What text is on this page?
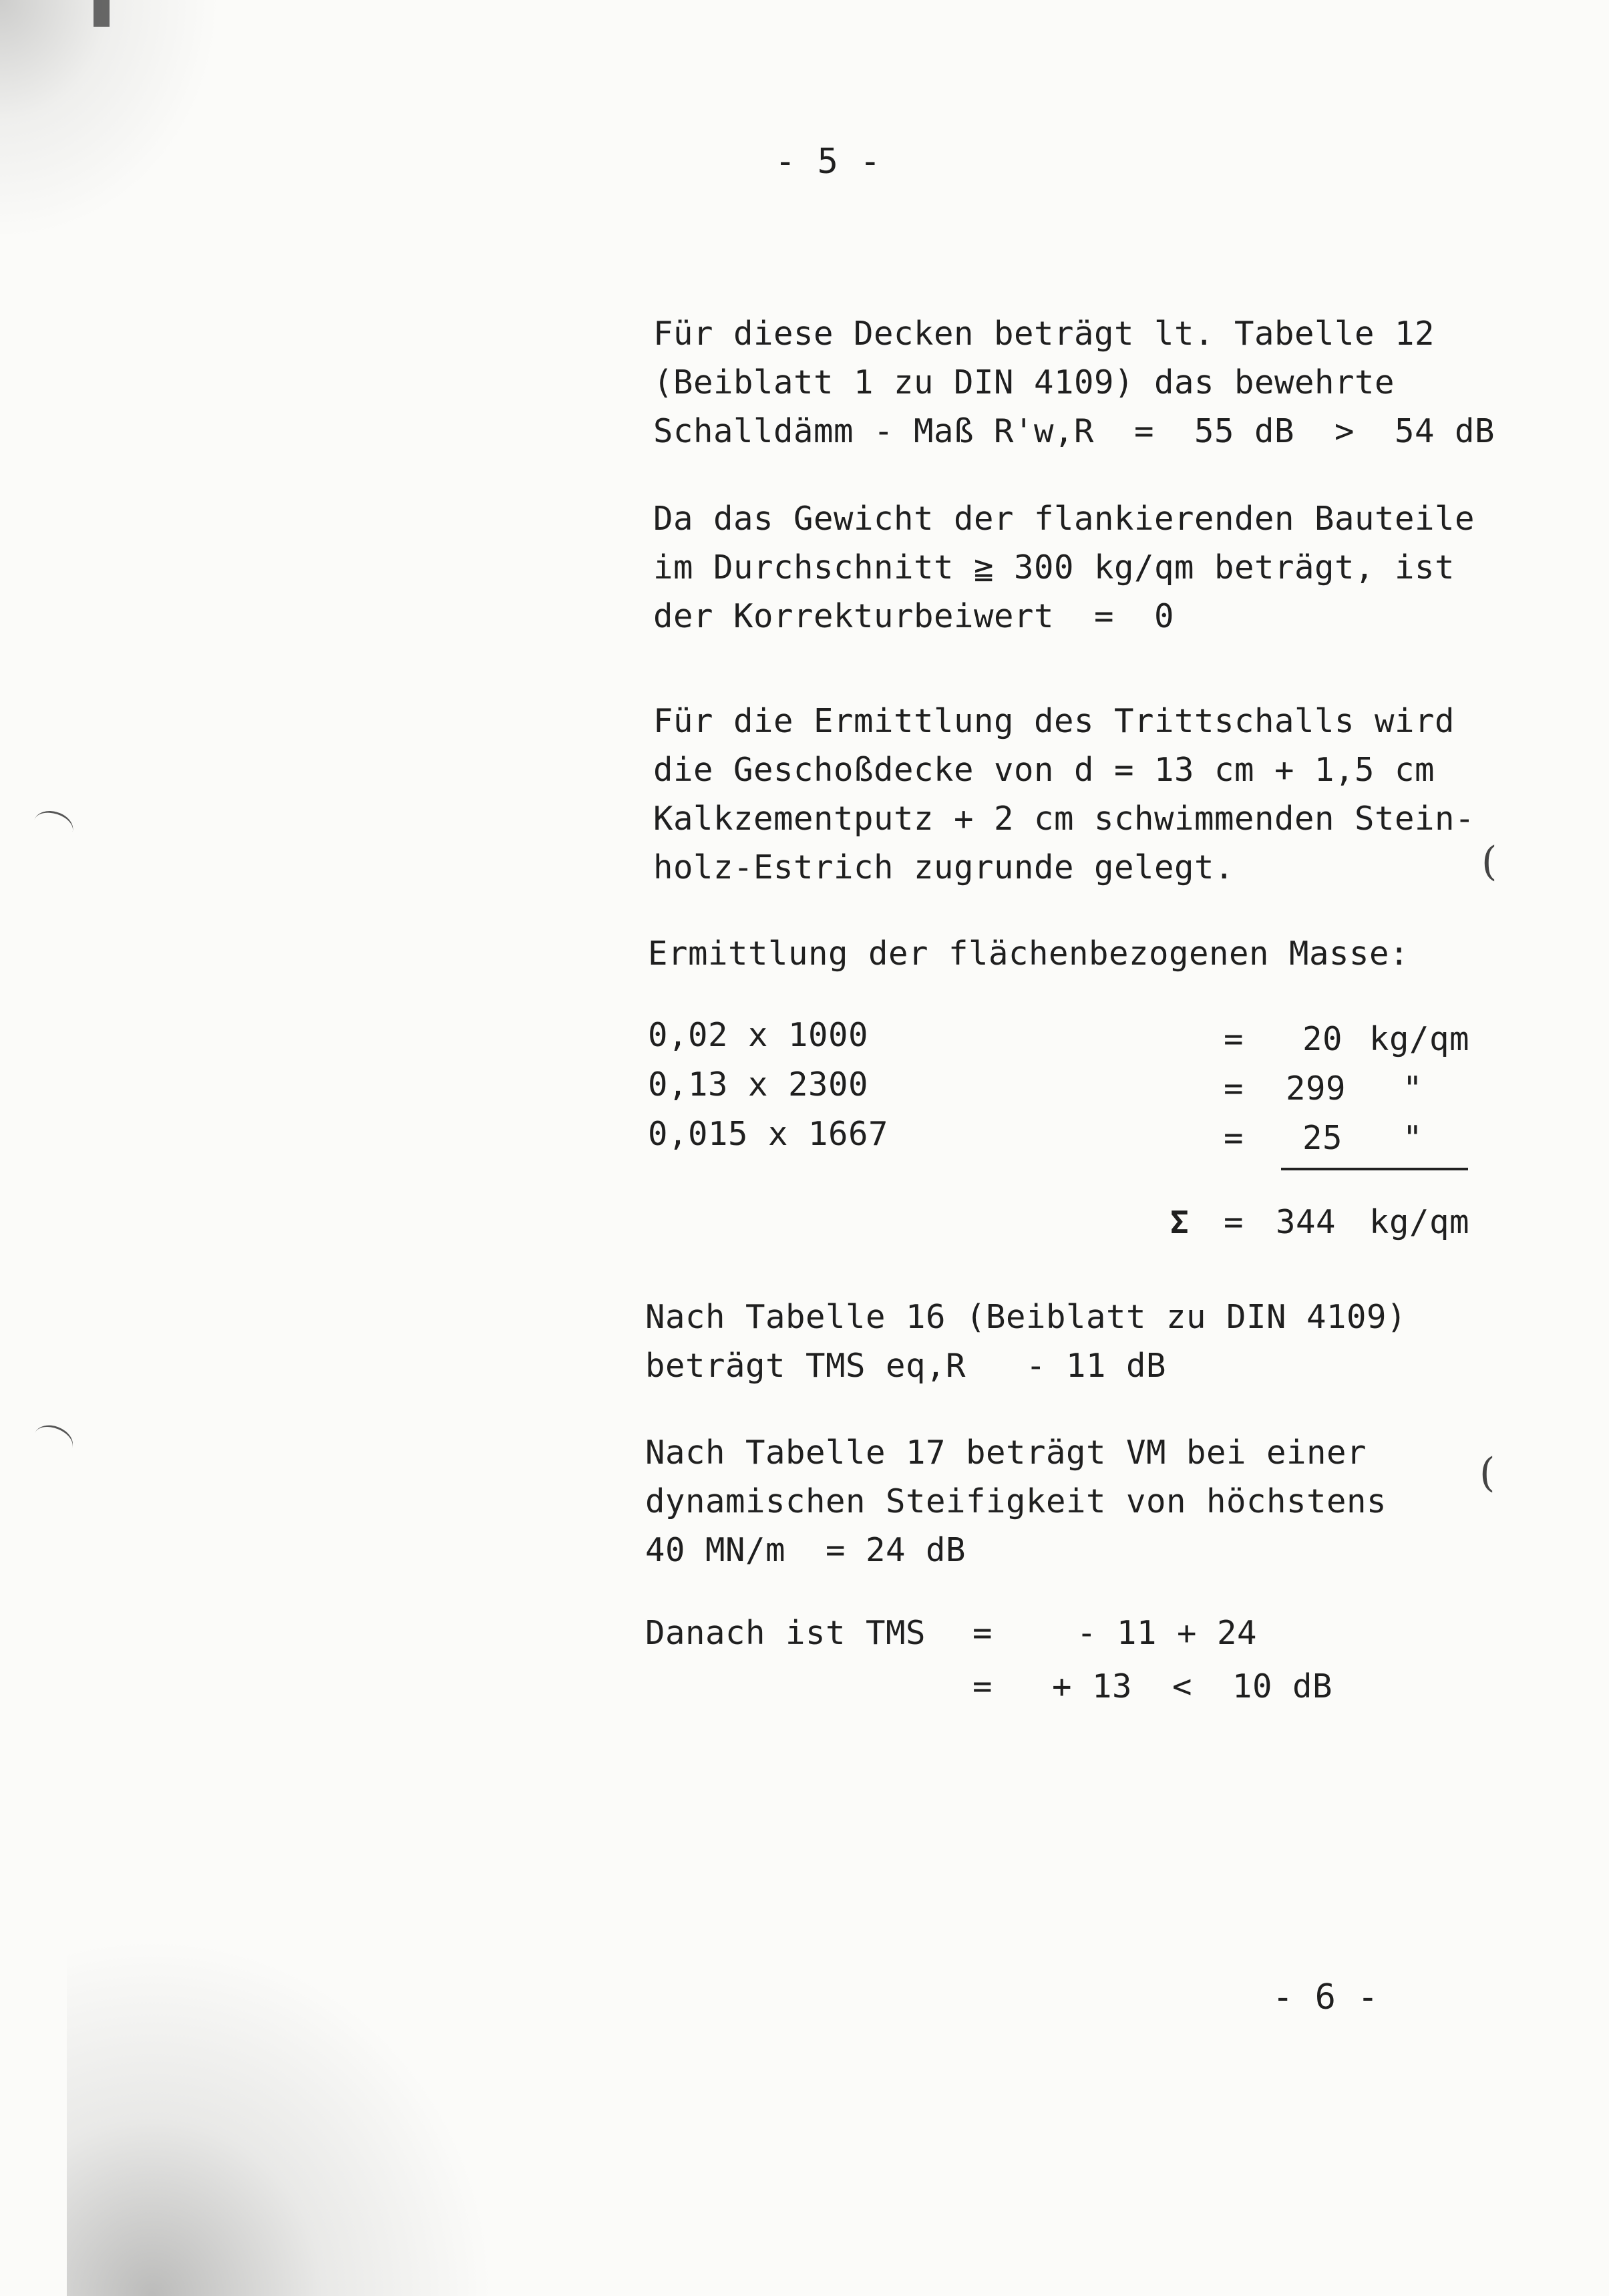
- 5 -
Für diese Decken beträgt lt. Tabelle 12
(Beiblatt 1 zu DIN 4109) das bewehrte
Schalldämm - Maß R'w,R  =  55 dB  >  54 dB
Da das Gewicht der flankierenden Bauteile
im Durchschnitt ≧ 300 kg/qm beträgt, ist
der Korrekturbeiwert  =  0
Für die Ermittlung des Trittschalls wird
die Geschoßdecke von d = 13 cm + 1,5 cm
Kalkzementputz + 2 cm schwimmenden Stein-
holz-Estrich zugrunde gelegt.
Ermittlung der flächenbezogenen Masse:
0,02 x 1000	= 20 kg/qm
0,13 x 2300	= 299 "
0,015 x 1667	= 25 "
Σ = 344 kg/qm
Nach Tabelle 16 (Beiblatt zu DIN 4109)
beträgt TMS eq,R   - 11 dB
Nach Tabelle 17 beträgt VM bei einer
dynamischen Steifigkeit von höchstens
40 MN/m  = 24 dB
Danach ist TMS =	- 11 + 24
= + 13  <  10 dB
- 6 -
(
(
